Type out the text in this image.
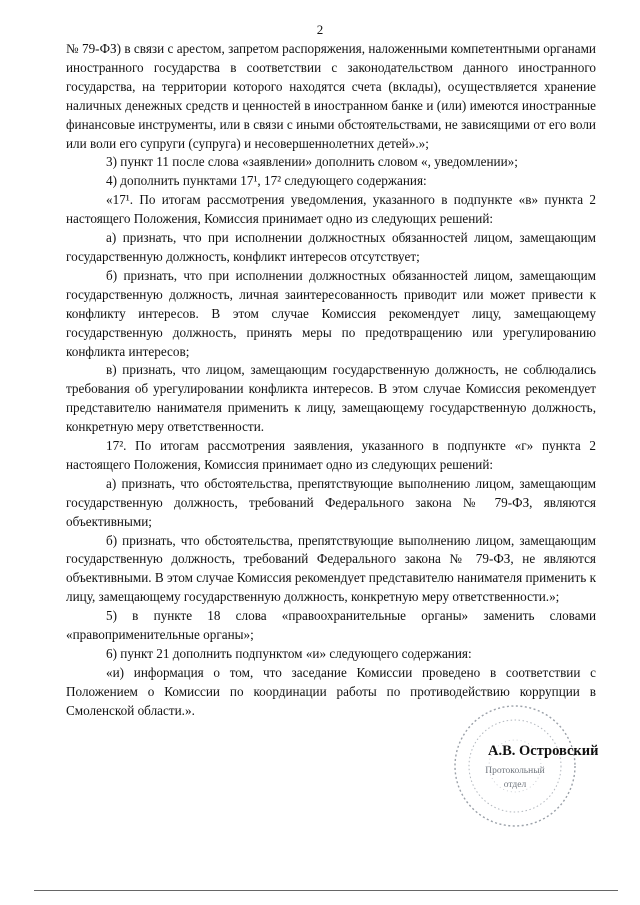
2

№ 79-ФЗ) в связи с арестом, запретом распоряжения, наложенными компетентными органами иностранного государства в соответствии с законодательством данного иностранного государства, на территории которого находятся счета (вклады), осуществляется хранение наличных денежных средств и ценностей в иностранном банке и (или) имеются иностранные финансовые инструменты, или в связи с иными обстоятельствами, не зависящими от его воли или воли его супруги (супруга) и несовершеннолетних детей».»;

3) пункт 11 после слова «заявлении» дополнить словом «, уведомлении»;

4) дополнить пунктами 17¹, 17² следующего содержания:

«17¹. По итогам рассмотрения уведомления, указанного в подпункте «в» пункта 2 настоящего Положения, Комиссия принимает одно из следующих решений:

а) признать, что при исполнении должностных обязанностей лицом, замещающим государственную должность, конфликт интересов отсутствует;

б) признать, что при исполнении должностных обязанностей лицом, замещающим государственную должность, личная заинтересованность приводит или может привести к конфликту интересов. В этом случае Комиссия рекомендует лицу, замещающему государственную должность, принять меры по предотвращению или урегулированию конфликта интересов;

в) признать, что лицом, замещающим государственную должность, не соблюдались требования об урегулировании конфликта интересов. В этом случае Комиссия рекомендует представителю нанимателя применить к лицу, замещающему государственную должность, конкретную меру ответственности.

17². По итогам рассмотрения заявления, указанного в подпункте «г» пункта 2 настоящего Положения, Комиссия принимает одно из следующих решений:

а) признать, что обстоятельства, препятствующие выполнению лицом, замещающим государственную должность, требований Федерального закона № 79-ФЗ, являются объективными;

б) признать, что обстоятельства, препятствующие выполнению лицом, замещающим государственную должность, требований Федерального закона № 79-ФЗ, не являются объективными. В этом случае Комиссия рекомендует представителю нанимателя применить к лицу, замещающему государственную должность, конкретную меру ответственности.»;

5) в пункте 18 слова «правоохранительные органы» заменить словами «правоприменительные органы»;

6) пункт 21 дополнить подпунктом «и» следующего содержания:

«и) информация о том, что заседание Комиссии проведено в соответствии с Положением о Комиссии по координации работы по противодействию коррупции в Смоленской области.».

Протокольный
отдел
А.В. Островский
